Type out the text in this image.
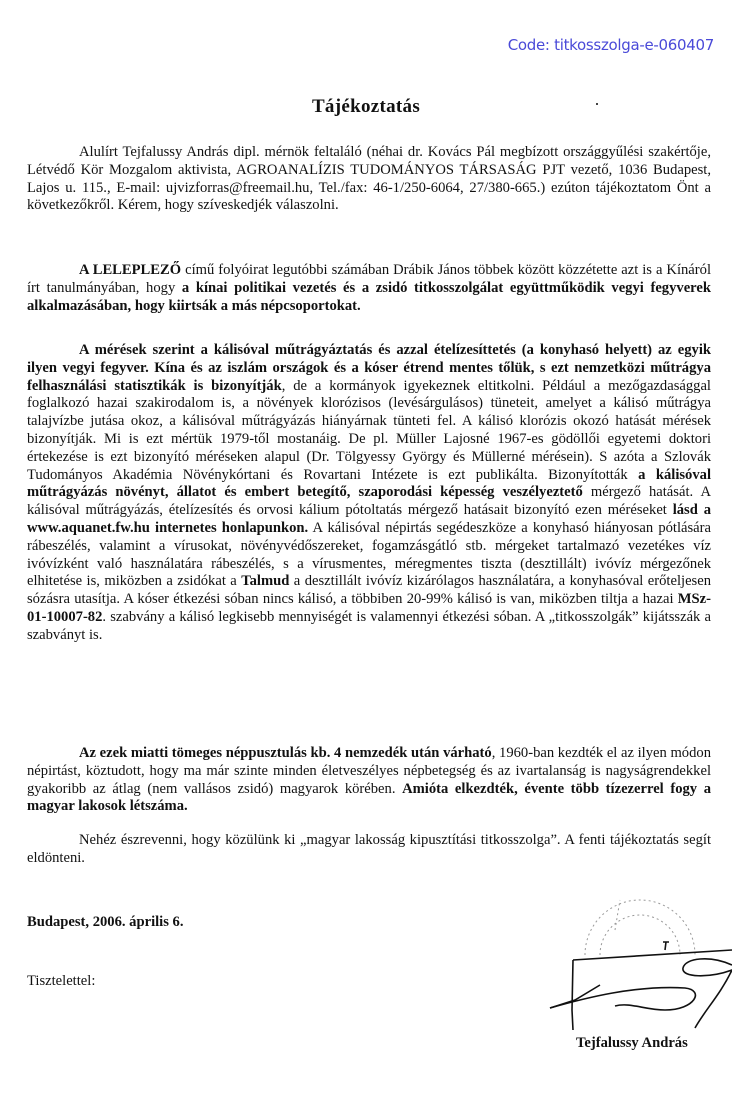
Code: titkosszolga-e-060407
Tájékoztatás

Alulírt Tejfalussy András dipl. mérnök feltaláló (néhai dr. Kovács Pál megbízott országgyűlési szakértője, Létvédő Kör Mozgalom aktivista, AGROANALÍZIS TUDOMÁNYOS TÁRSASÁG PJT vezető, 1036 Budapest, Lajos u. 115., E-mail: ujvizforras@freemail.hu, Tel./fax: 46-1/250-6064, 27/380-665.) ezúton tájékoztatom Önt a következőkről. Kérem, hogy szíveskedjék válaszolni.

A LELEPLEZŐ című folyóirat legutóbbi számában Drábik János többek között közzétette azt is a Kínáról írt tanulmányában, hogy a kínai politikai vezetés és a zsidó titkosszolgálat együttműködik vegyi fegyverek alkalmazásában, hogy kiirtsák a más népcsoportokat.

A mérések szerint a kálisóval műtrágyáztatás és azzal ételízesíttetés (a konyhasó helyett) az egyik ilyen vegyi fegyver. Kína és az iszlám országok és a kóser étrend mentes tőlük, s ezt nemzetközi műtrágya felhasználási statisztikák is bizonyítják, de a kormányok igyekeznek eltitkolni. Például a mezőgazdasággal foglalkozó hazai szakirodalom is, a növények klorózisos (levésárgulásos) tüneteit, amelyet a kálisó műtrágya talajvízbe jutása okoz, a kálisóval műtrágyázás hiányárnak tünteti fel. A kálisó klorózis okozó hatását mérések bizonyítják. Mi is ezt mértük 1979-től mostanáig. De pl. Müller Lajosné 1967-es gödöllői egyetemi doktori értekezése is ezt bizonyító méréseken alapul (Dr. Tölgyessy György és Müllerné mérésein). S azóta a Szlovák Tudományos Akadémia Növénykórtani és Rovartani Intézete is ezt publikálta. Bizonyították a kálisóval műtrágyázás növényt, állatot és embert betegítő, szaporodási képesség veszélyeztető mérgező hatását. A kálisóval műtrágyázás, ételízesítés és orvosi kálium pótoltatás mérgező hatásait bizonyító ezen méréseket lásd a www.aquanet.fw.hu internetes honlapunkon. A kálisóval népirtás segédeszköze a konyhasó hiányosan pótlására rábeszélés, valamint a vírusokat, növényvédőszereket, fogamzásgátló stb. mérgeket tartalmazó vezetékes víz ivóvízként való használatára rábeszélés, s a vírusmentes, méregmentes tiszta (desztillált) ivóvíz mérgezőnek elhitetése is, miközben a zsidókat a Talmud a desztillált ivóvíz kizárólagos használatára, a konyhasóval erőteljesen sózásra utasítja. A kóser étkezési sóban nincs kálisó, a többiben 20-99% kálisó is van, miközben tiltja a hazai MSz-01-10007-82. szabvány a kálisó legkisebb mennyiségét is valamennyi étkezési sóban. A „titkosszolgák” kijátsszák a szabványt is.

Az ezek miatti tömeges néppusztulás kb. 4 nemzedék után várható, 1960-ban kezdték el az ilyen módon népirtást, köztudott, hogy ma már szinte minden életveszélyes népbetegség és az ivartalanság is nagyságrendekkel gyakoribb az átlag (nem vallásos zsidó) magyarok körében. Amióta elkezdték, évente több tízezerrel fogy a magyar lakosok létszáma.

Nehéz észrevenni, hogy közülünk ki „magyar lakosság kipusztítási titkosszolga”. A fenti tájékoztatás segít eldönteni.

Budapest, 2006. április 6.
Tisztelettel:
Tejfalussy András
